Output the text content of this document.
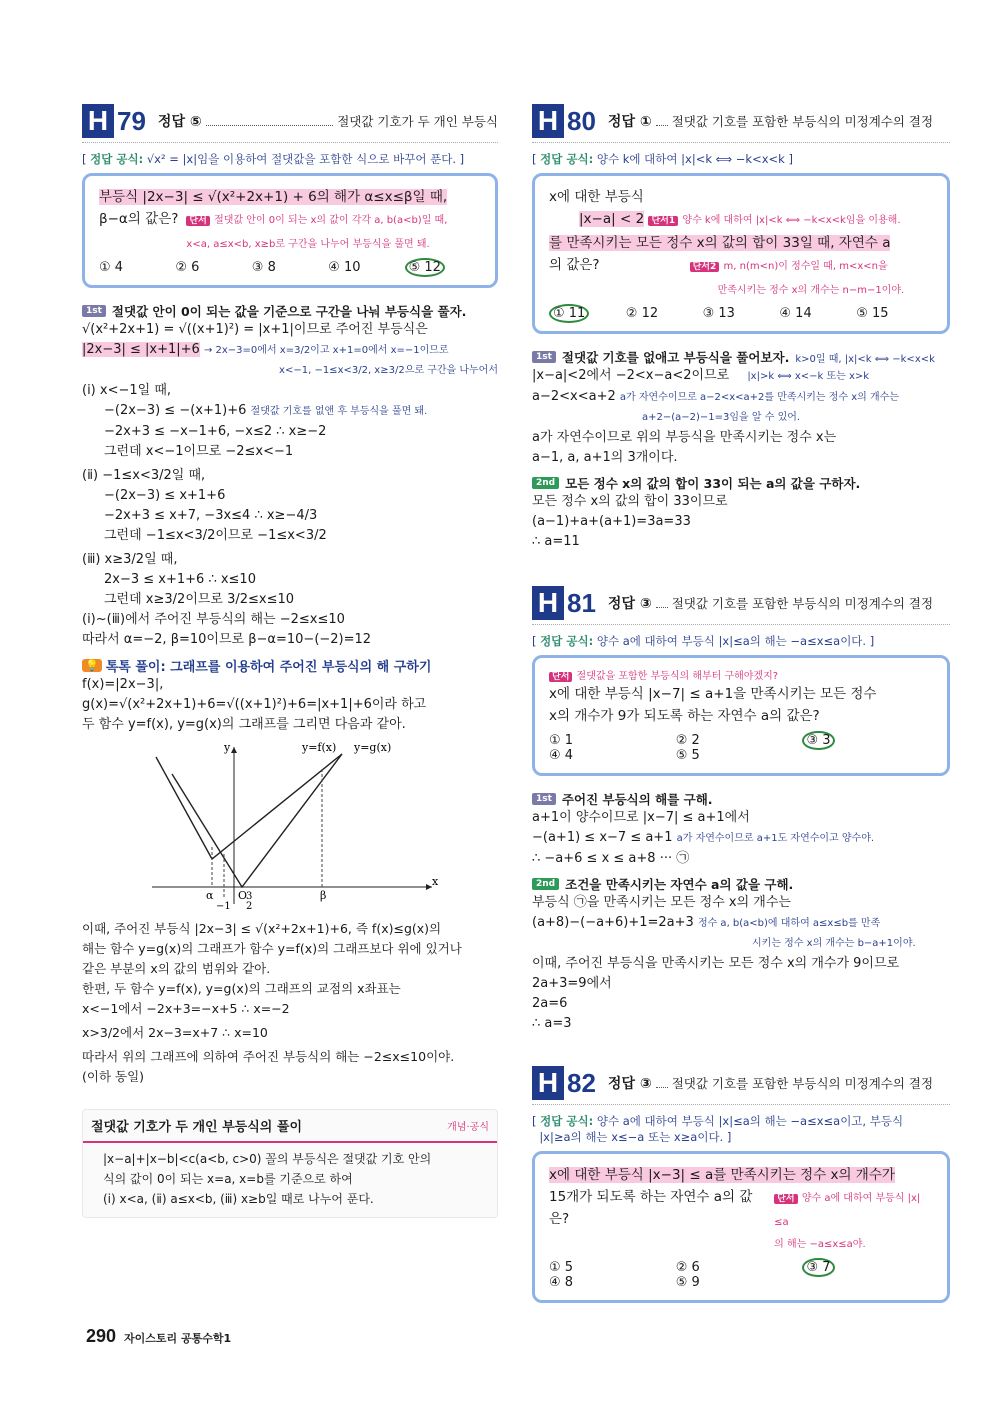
H 79 정답 ⑤	절댓값 기호가 두 개인 부등식
[ 정답 공식: √x² = |x|임을 이용하여 절댓값을 포함한 식으로 바꾸어 푼다. ]
부등식 |2x−3| ≤ √(x²+2x+1) + 6의 해가 α≤x≤β일 때,
β−α의 값은?	단서 절댓값 안이 0이 되는 x의 값이 각각 a, b(a<b)일 때,
x<a, a≤x<b, x≥b로 구간을 나누어 부등식을 풀면 돼.
① 4	② 6	③ 8	④ 10	⑤ 12
1st 절댓값 안이 0이 되는 값을 기준으로 구간을 나눠 부등식을 풀자.
√(x²+2x+1) = √((x+1)²) = |x+1|이므로 주어진 부등식은
|2x−3| ≤ |x+1|+6 → 2x−3=0에서 x=3/2이고 x+1=0에서 x=−1이므로
x<−1, −1≤x<3/2, x≥3/2으로 구간을 나누어서
(ⅰ) x<−1일 때,
−(2x−3) ≤ −(x+1)+6 절댓값 기호를 없앤 후 부등식을 풀면 돼.
−2x+3 ≤ −x−1+6, −x≤2 ∴ x≥−2
그런데 x<−1이므로 −2≤x<−1
(ⅱ) −1≤x<3/2일 때,
−(2x−3) ≤ x+1+6
−2x+3 ≤ x+7, −3x≤4 ∴ x≥−4/3
그런데 −1≤x<3/2이므로 −1≤x<3/2
(ⅲ) x≥3/2일 때,
2x−3 ≤ x+1+6 ∴ x≤10
그런데 x≥3/2이므로 3/2≤x≤10
(ⅰ)~(ⅲ)에서 주어진 부등식의 해는 −2≤x≤10
따라서 α=−2, β=10이므로 β−α=10−(−2)=12
💡 톡톡 풀이: 그래프를 이용하여 주어진 부등식의 해 구하기
f(x)=|2x−3|,
g(x)=√(x²+2x+1)+6=√((x+1)²)+6=|x+1|+6이라 하고
두 함수 y=f(x), y=g(x)의 그래프를 그리면 다음과 같아.
y=f(x) y=g(x)
y
x
O
α	β
−1
3
2
이때, 주어진 부등식 |2x−3| ≤ √(x²+2x+1)+6, 즉 f(x)≤g(x)의
해는 함수 y=g(x)의 그래프가 함수 y=f(x)의 그래프보다 위에 있거나
같은 부분의 x의 값의 범위와 같아.
한편, 두 함수 y=f(x), y=g(x)의 그래프의 교점의 x좌표는
x<−1에서 −2x+3=−x+5 ∴ x=−2
x>3/2에서 2x−3=x+7 ∴ x=10
따라서 위의 그래프에 의하여 주어진 부등식의 해는 −2≤x≤10이야.
(이하 동일)
절댓값 기호가 두 개인 부등식의 풀이	개념·공식
|x−a|+|x−b|<c(a<b, c>0) 꼴의 부등식은 절댓값 기호 안의
식의 값이 0이 되는 x=a, x=b를 기준으로 하여
(ⅰ) x<a, (ⅱ) a≤x<b, (ⅲ) x≥b일 때로 나누어 푼다.
H 80 정답 ① 절댓값 기호를 포함한 부등식의 미정계수의 결정
[ 정답 공식: 양수 k에 대하여 |x|<k ⟺ −k<x<k ]
x에 대한 부등식
|x−a| < 2 단서1 양수 k에 대하여 |x|<k ⟺ −k<x<k임을 이용해.
를 만족시키는 모든 정수 x의 값의 합이 33일 때, 자연수 a
의 값은?	단서2 m, n(m<n)이 정수일 때, m<x<n을
만족시키는 정수 x의 개수는 n−m−1이야.
① 11	② 12	③ 13	④ 14	⑤ 15
1st 절댓값 기호를 없애고 부등식을 풀어보자. k>0일 때, |x|<k ⟺ −k<x<k
|x−a|<2에서 −2<x−a<2이므로 |x|>k ⟺ x<−k 또는 x>k
a−2<x<a+2 a가 자연수이므로 a−2<x<a+2를 만족시키는 정수 x의 개수는
a+2−(a−2)−1=3임을 알 수 있어.
a가 자연수이므로 위의 부등식을 만족시키는 정수 x는
a−1, a, a+1의 3개이다.
2nd 모든 정수 x의 값의 합이 33이 되는 a의 값을 구하자.
모든 정수 x의 값의 합이 33이므로
(a−1)+a+(a+1)=3a=33
∴ a=11
H 81 정답 ③ 절댓값 기호를 포함한 부등식의 미정계수의 결정
[ 정답 공식: 양수 a에 대하여 부등식 |x|≤a의 해는 −a≤x≤a이다. ]
단서 절댓값을 포함한 부등식의 해부터 구해야겠지?
x에 대한 부등식 |x−7| ≤ a+1을 만족시키는 모든 정수
x의 개수가 9가 되도록 하는 자연수 a의 값은?
① 1	② 2	③ 3
④ 4	⑤ 5
1st 주어진 부등식의 해를 구해.
a+1이 양수이므로 |x−7| ≤ a+1에서
−(a+1) ≤ x−7 ≤ a+1 a가 자연수이므로 a+1도 자연수이고 양수야.
∴ −a+6 ≤ x ≤ a+8 ··· ㉠
2nd 조건을 만족시키는 자연수 a의 값을 구해.
부등식 ㉠을 만족시키는 모든 정수 x의 개수는
(a+8)−(−a+6)+1=2a+3 정수 a, b(a<b)에 대하여 a≤x≤b를 만족
시키는 정수 x의 개수는 b−a+1이야.
이때, 주어진 부등식을 만족시키는 모든 정수 x의 개수가 9이므로
2a+3=9에서
2a=6
∴ a=3
H 82 정답 ③ 절댓값 기호를 포함한 부등식의 미정계수의 결정
[ 정답 공식: 양수 a에 대하여 부등식 |x|≤a의 해는 −a≤x≤a이고, 부등식
|x|≥a의 해는 x≤−a 또는 x≥a이다. ]
x에 대한 부등식 |x−3| ≤ a를 만족시키는 정수 x의 개수가
15개가 되도록 하는 자연수 a의 값은?
단서 양수 a에 대하여 부등식 |x|≤a
의 해는 −a≤x≤a야.
① 5	② 6	③ 7
④ 8	⑤ 9
290 자이스토리 공통수학1
